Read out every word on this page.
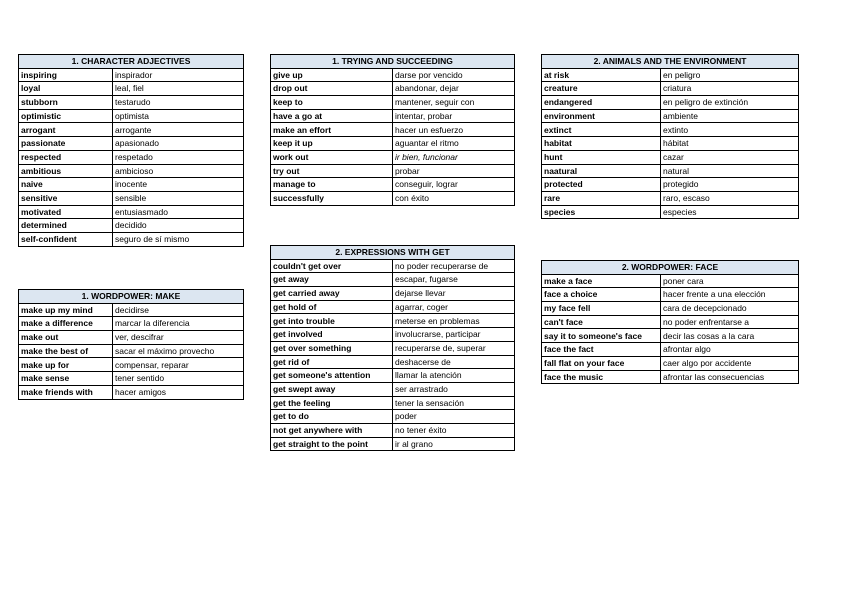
1. CHARACTER ADJECTIVES	
inspiring	inspirador
loyal	leal, fiel
stubborn	testarudo
optimistic	optimista
arrogant	arrogante
passionate	apasionado
respected	respetado
ambitious	ambicioso
naive	inocente
sensitive	sensible
motivated	entusiasmado
determined	decidido
self-confident	seguro de sí mismo
1. WORDPOWER: MAKE	
make up my mind	decidirse
make a difference	marcar la diferencia
make out	ver, descifrar
make the best of	sacar el máximo provecho
make up for	compensar, reparar
make sense	tener sentido
make friends with	hacer amigos
1. TRYING AND SUCCEEDING	
give up	darse por vencido
drop out	abandonar, dejar
keep to	mantener, seguir con
have a go at	intentar, probar
make an effort	hacer un esfuerzo
keep it up	aguantar el ritmo
work out	ir bien, funcionar
try out	probar
manage to	conseguir, lograr
successfully	con éxito
2. EXPRESSIONS WITH GET	
couldn't get over	no poder recuperarse de
get away	escapar, fugarse
get carried away	dejarse llevar
get hold of	agarrar, coger
get into trouble	meterse en problemas
get involved	involucrarse, participar
get over something	recuperarse de, superar
get rid of	deshacerse de
get someone's attention	llamar la atención
get swept away	ser arrastrado
get the feeling	tener la sensación
get to do	poder
not get anywhere with	no tener éxito
get straight to the point	ir al grano
2. ANIMALS AND THE ENVIRONMENT	
at risk	en peligro
creature	criatura
endangered	en peligro de extinción
environment	ambiente
extinct	extinto
habitat	hábitat
hunt	cazar
naatural	natural
protected	protegido
rare	raro, escaso
species	especies
2. WORDPOWER: FACE	
make a face	poner cara
face a choice	hacer frente a una elección
my face fell	cara de decepcionado
can't face	no poder enfrentarse a
say it to someone's face	decir las cosas a la cara
face the fact	afrontar algo
fall flat on your face	caer algo por accidente
face the music	afrontar las consecuencias
